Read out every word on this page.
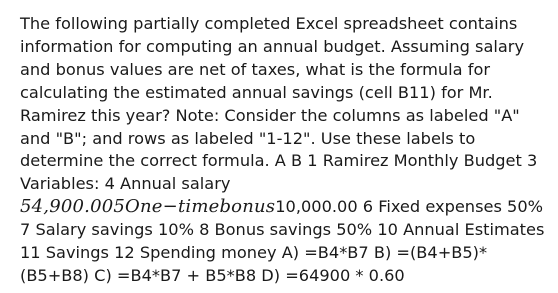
The following partially completed Excel spreadsheet contains information for computing an annual budget. Assuming salary and bonus values are net of taxes, what is the formula for calculating the estimated annual savings (cell B11) for Mr. Ramirez this year? Note: Consider the columns as labeled "A" and "B"; and rows as labeled "1-12". Use these labels to determine the correct formula. A B 1 Ramirez Monthly Budget 3 Variables: 4 Annual salary 54,900.005One−timebonus10,000.00 6 Fixed expenses 50% 7 Salary savings 10% 8 Bonus savings 50% 10 Annual Estimates 11 Savings 12 Spending money A) =B4*B7 B) =(B4+B5)*(B5+B8) C) =B4*B7 + B5*B8 D) =64900 * 0.60
